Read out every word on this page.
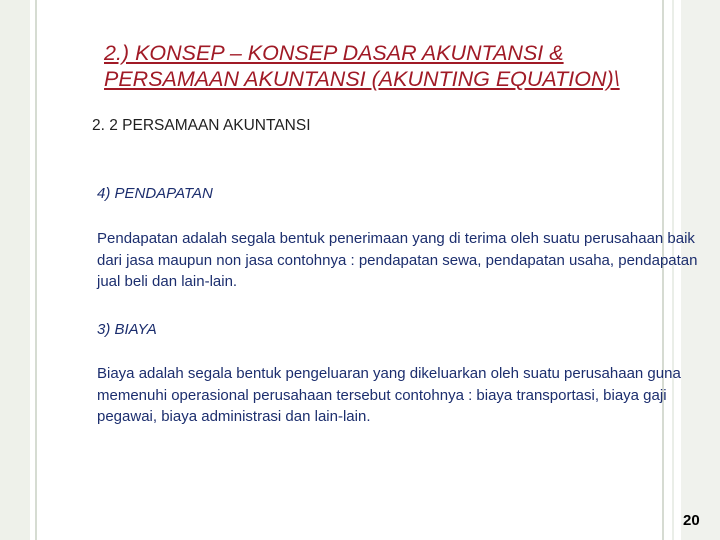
2.) KONSEP – KONSEP DASAR AKUNTANSI & PERSAMAAN AKUNTANSI (AKUNTING EQUATION)\
2. 2 PERSAMAAN AKUNTANSI
4) PENDAPATAN
Pendapatan adalah segala bentuk penerimaan yang di terima oleh suatu perusahaan baik dari jasa maupun non jasa contohnya : pendapatan sewa, pendapatan usaha, pendapatan jual beli dan lain-lain.
3) BIAYA
Biaya adalah segala bentuk pengeluaran yang dikeluarkan oleh suatu perusahaan guna memenuhi operasional perusahaan tersebut contohnya : biaya transportasi, biaya gaji pegawai, biaya administrasi dan lain-lain.
20
